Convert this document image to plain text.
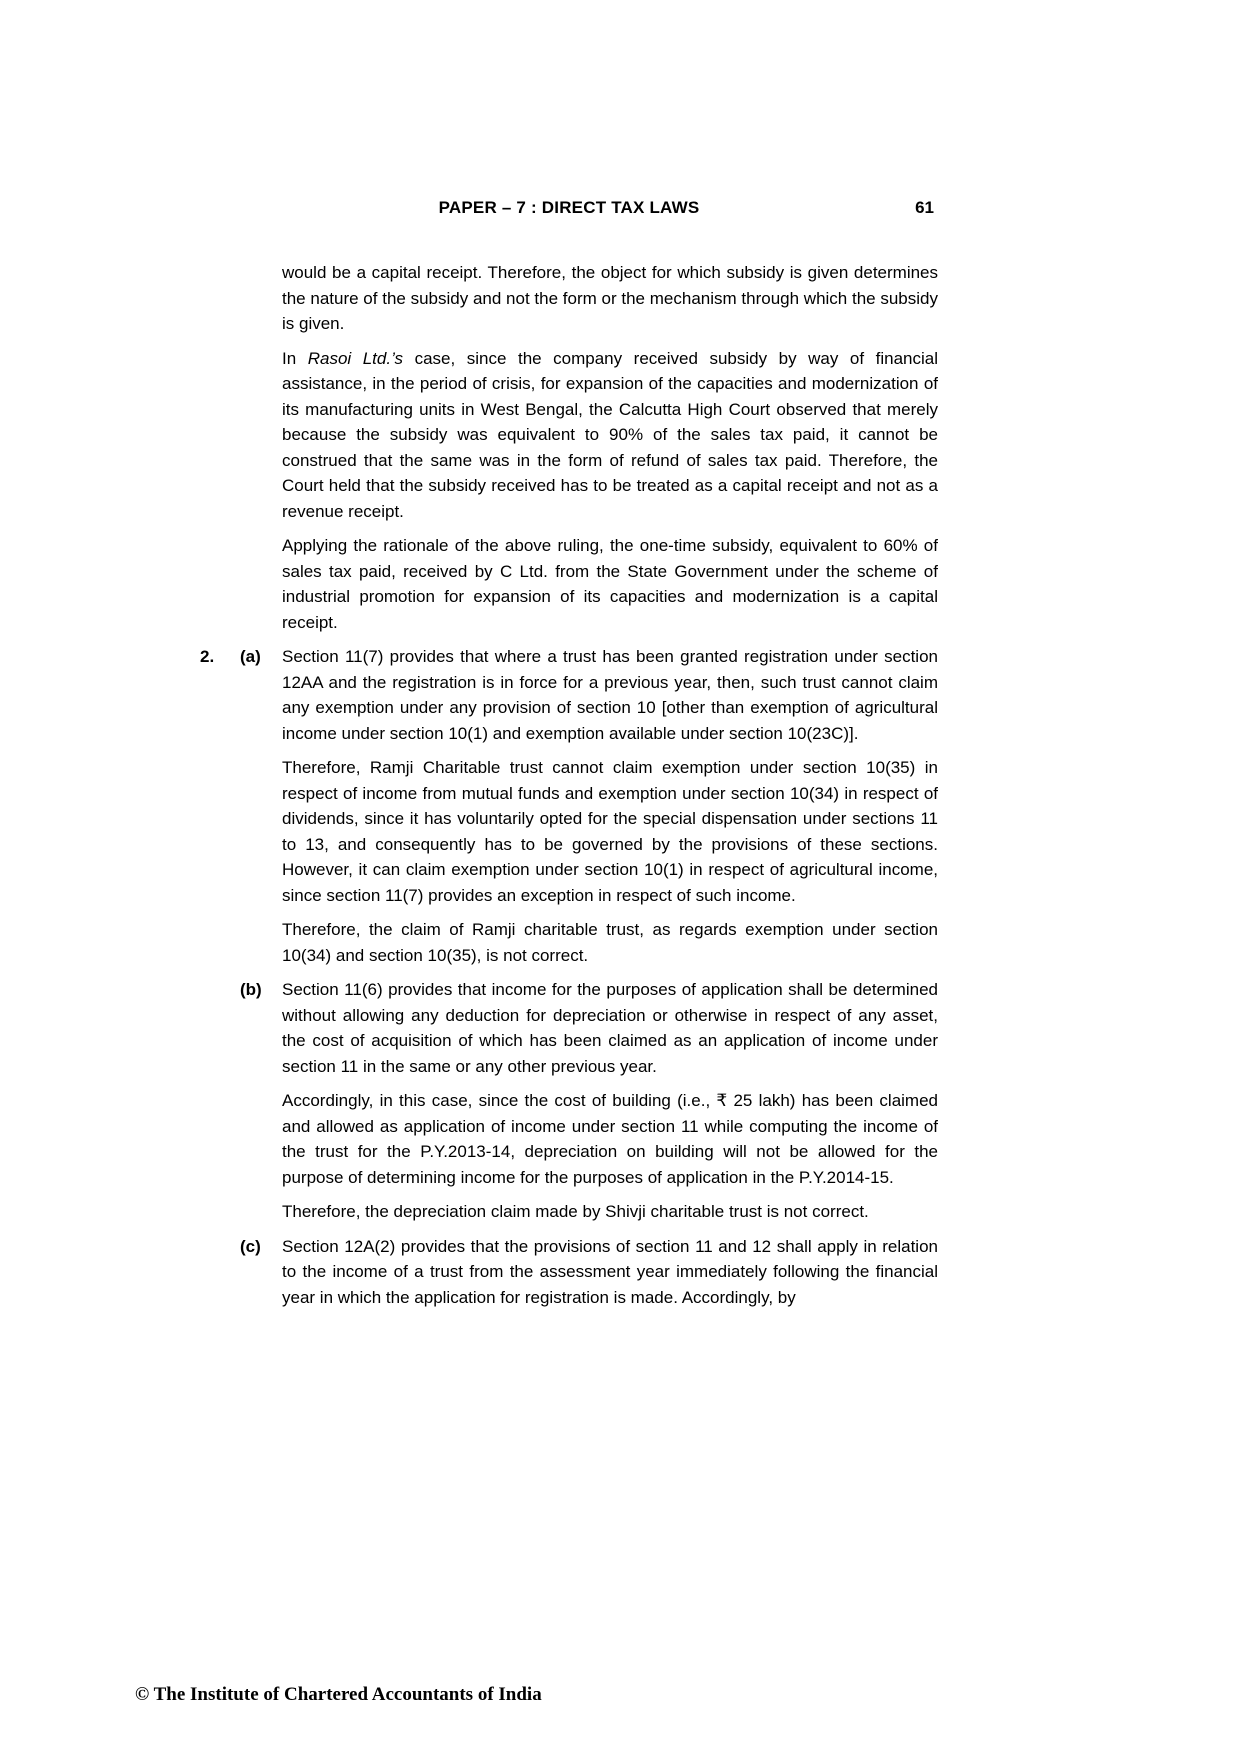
PAPER – 7 : DIRECT TAX LAWS	61

would be a capital receipt. Therefore, the object for which subsidy is given determines the nature of the subsidy and not the form or the mechanism through which the subsidy is given.

In Rasoi Ltd.’s case, since the company received subsidy by way of financial assistance, in the period of crisis, for expansion of the capacities and modernization of its manufacturing units in West Bengal, the Calcutta High Court observed that merely because the subsidy was equivalent to 90% of the sales tax paid, it cannot be construed that the same was in the form of refund of sales tax paid. Therefore, the Court held that the subsidy received has to be treated as a capital receipt and not as a revenue receipt.

Applying the rationale of the above ruling, the one-time subsidy, equivalent to 60% of sales tax paid, received by C Ltd. from the State Government under the scheme of industrial promotion for expansion of its capacities and modernization is a capital receipt.

2.	(a)	Section 11(7) provides that where a trust has been granted registration under section 12AA and the registration is in force for a previous year, then, such trust cannot claim any exemption under any provision of section 10 [other than exemption of agricultural income under section 10(1) and exemption available under section 10(23C)].

Therefore, Ramji Charitable trust cannot claim exemption under section 10(35) in respect of income from mutual funds and exemption under section 10(34) in respect of dividends, since it has voluntarily opted for the special dispensation under sections 11 to 13, and consequently has to be governed by the provisions of these sections. However, it can claim exemption under section 10(1) in respect of agricultural income, since section 11(7) provides an exception in respect of such income.

Therefore, the claim of Ramji charitable trust, as regards exemption under section 10(34) and section 10(35), is not correct.

(b)	Section 11(6) provides that income for the purposes of application shall be determined without allowing any deduction for depreciation or otherwise in respect of any asset, the cost of acquisition of which has been claimed as an application of income under section 11 in the same or any other previous year.

Accordingly, in this case, since the cost of building (i.e., ₹ 25 lakh) has been claimed and allowed as application of income under section 11 while computing the income of the trust for the P.Y.2013-14, depreciation on building will not be allowed for the purpose of determining income for the purposes of application in the P.Y.2014-15.

Therefore, the depreciation claim made by Shivji charitable trust is not correct.

(c)	Section 12A(2) provides that the provisions of section 11 and 12 shall apply in relation to the income of a trust from the assessment year immediately following the financial year in which the application for registration is made. Accordingly, by

© The Institute of Chartered Accountants of India
